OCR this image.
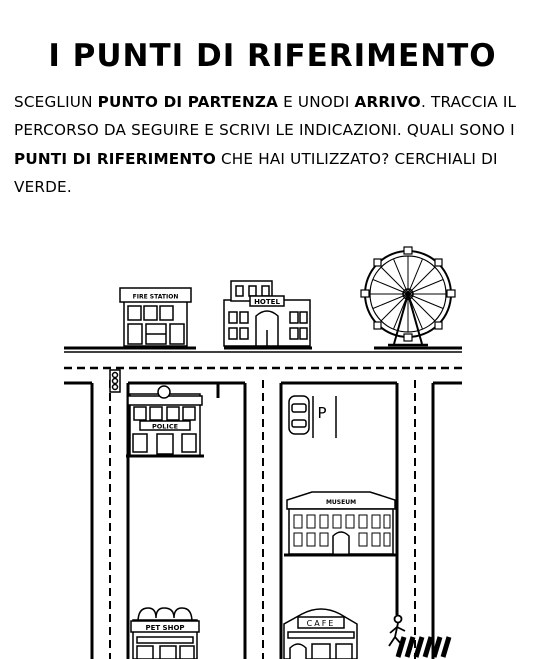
I PUNTI DI RIFERIMENTO

SCEGLIUN PUNTO DI PARTENZA E UNODI ARRIVO. TRACCIA IL PERCORSO DA SEGUIRE E SCRIVI LE INDICAZIONI. QUALI SONO I PUNTI DI RIFERIMENTO CHE HAI UTILIZZATO? CERCHIALI DI VERDE.

FIRE STATION
HOTEL
POLICE
P
MUSEUM
PET SHOP	CAFE
